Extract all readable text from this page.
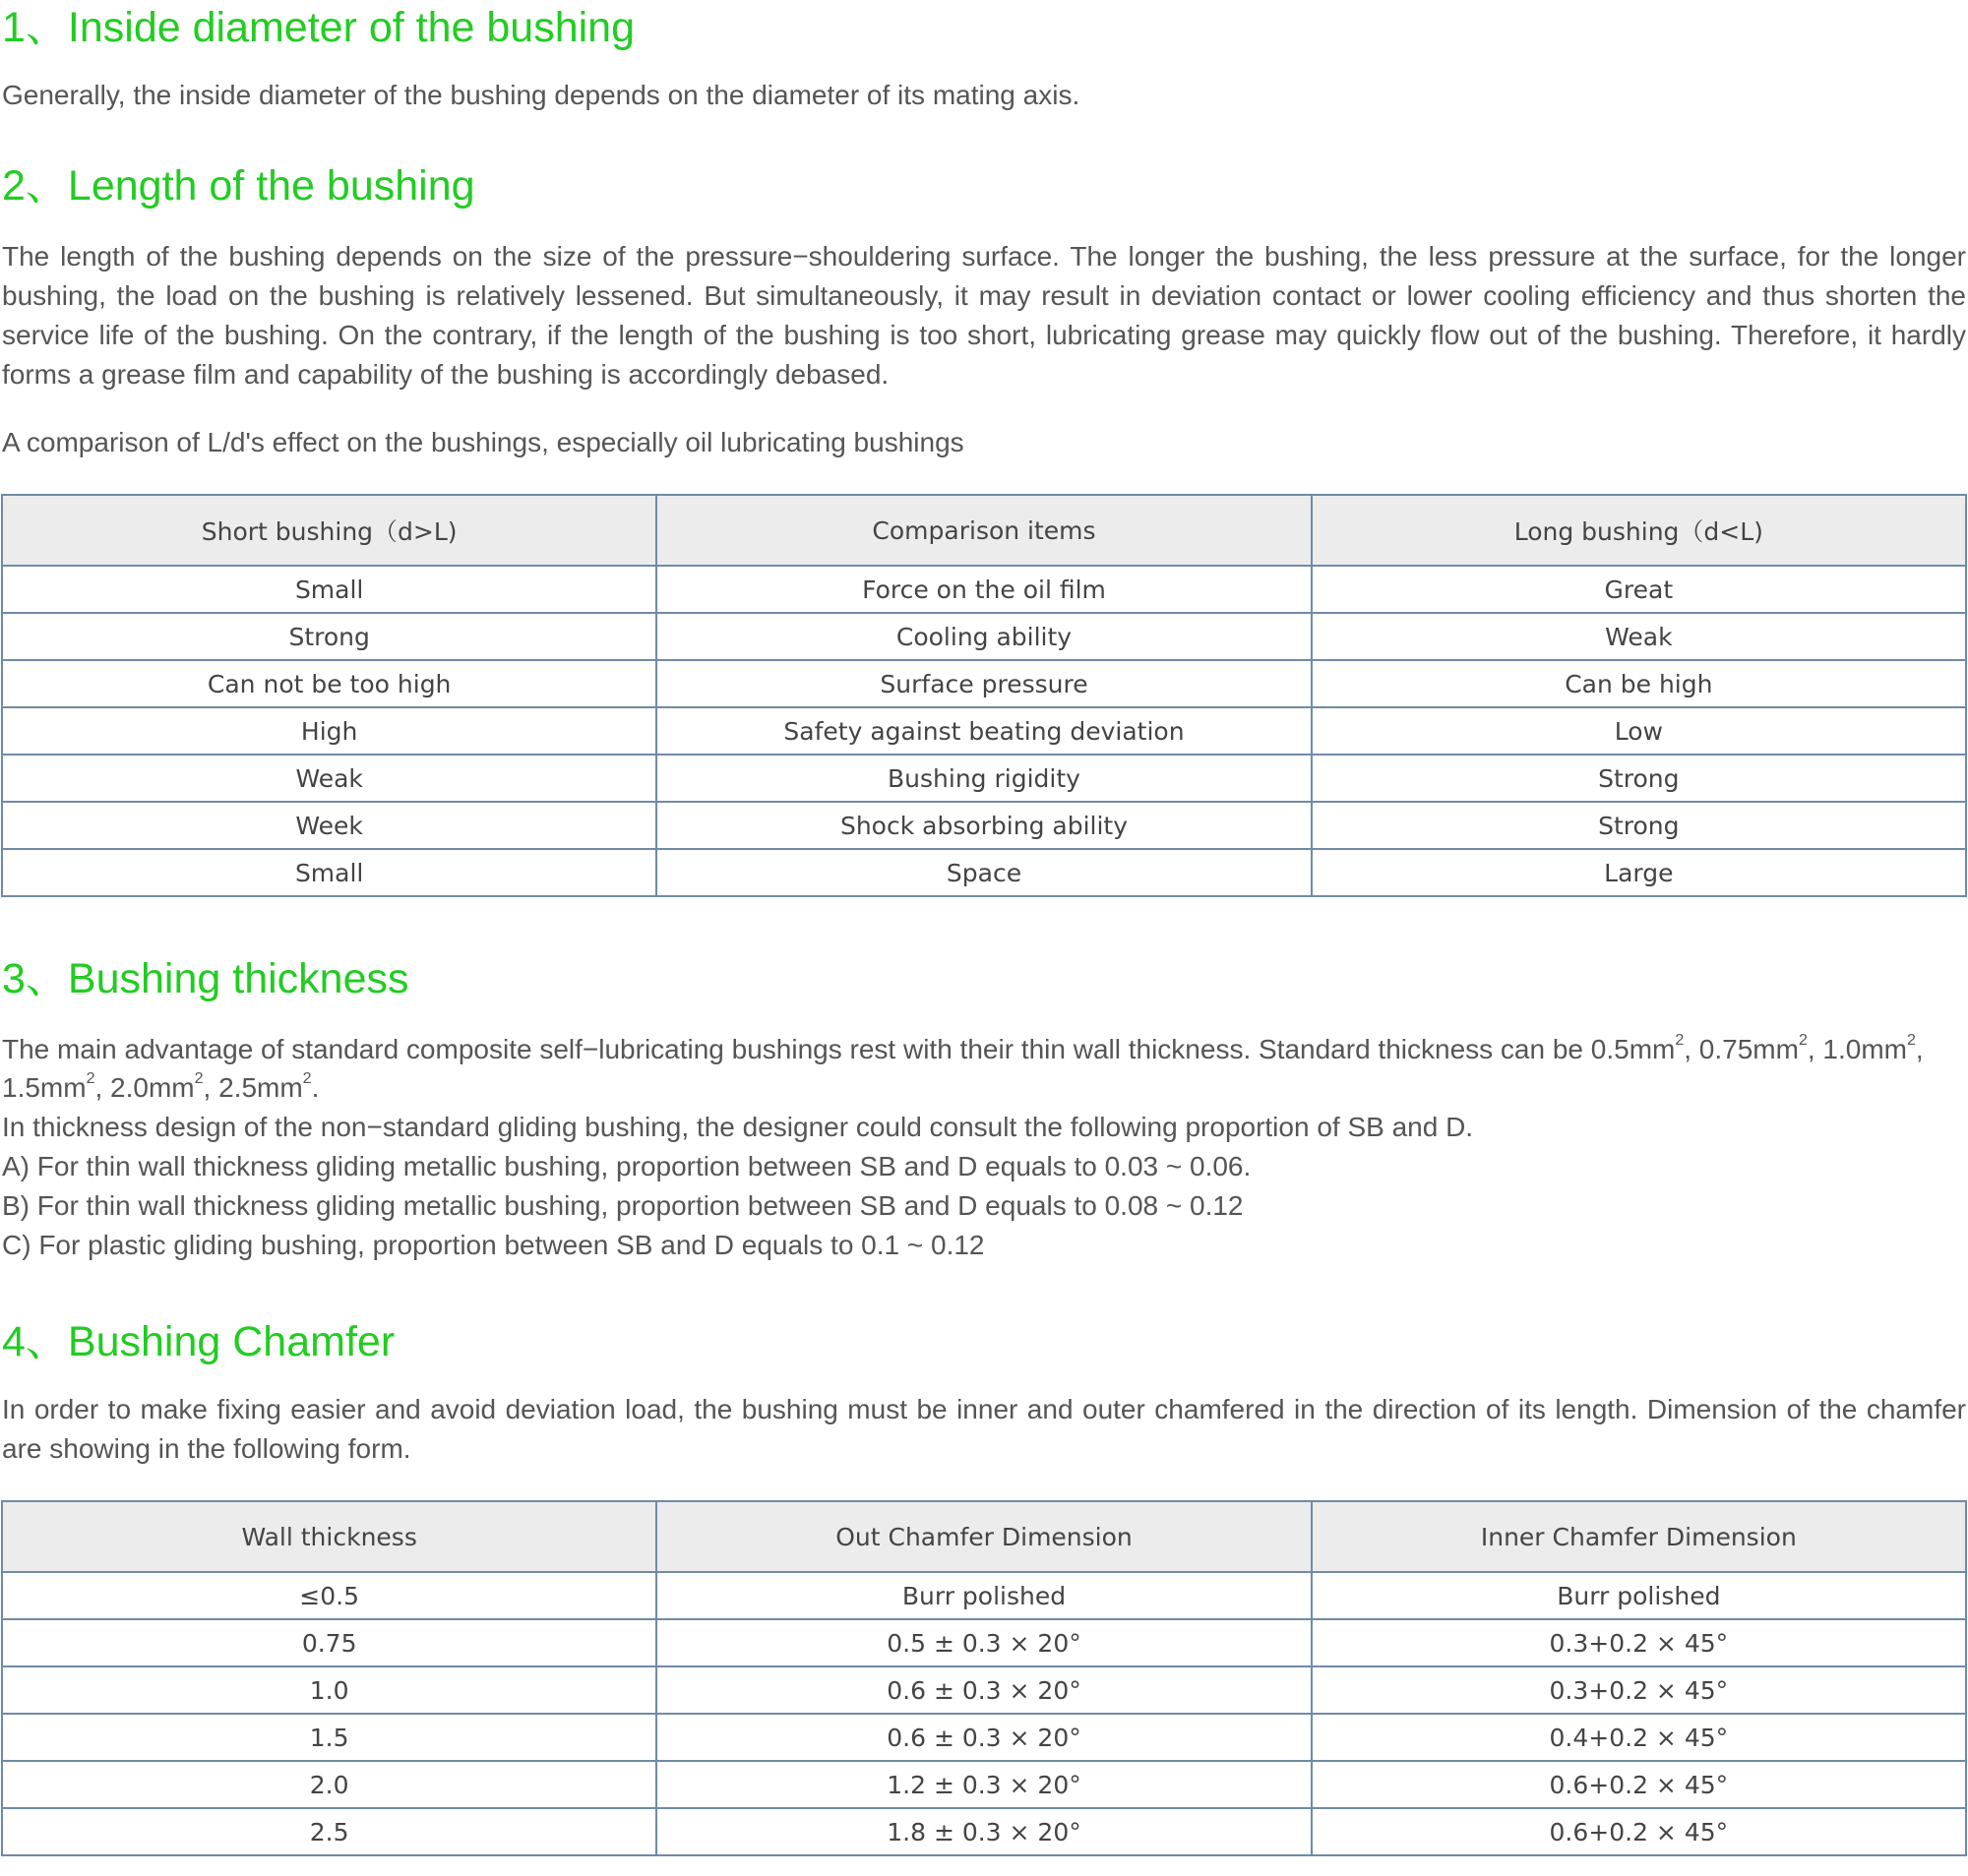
1、Inside diameter of the bushing

Generally, the inside diameter of the bushing depends on the diameter of its mating axis.

2、Length of the bushing

The length of the bushing depends on the size of the pressure−shouldering surface. The longer the bushing, the less pressure at the surface, for the longer bushing, the load on the bushing is relatively lessened. But simultaneously, it may result in deviation contact or lower cooling efficiency and thus shorten the service life of the bushing. On the contrary, if the length of the bushing is too short, lubricating grease may quickly flow out of the bushing. Therefore, it hardly forms a grease film and capability of the bushing is accordingly debased.

A comparison of L/d's effect on the bushings, especially oil lubricating bushings

Short bushing（d>L)	Comparison items	Long bushing（d<L)
Small	Force on the oil film	Great
Strong	Cooling ability	Weak
Can not be too high	Surface pressure	Can be high
High	Safety against beating deviation	Low
Weak	Bushing rigidity	Strong
Week	Shock absorbing ability	Strong
Small	Space	Large
3、Bushing thickness
The main advantage of standard composite self−lubricating bushings rest with their thin wall thickness. Standard thickness can be $0.5mm^2$, $0.75mm^2$, $1.0mm^2$,
$1.5mm^2$, $2.0mm^2$, $2.5mm^2$.
In thickness design of the non−standard gliding bushing, the designer could consult the following proportion of SB and D.
A) For thin wall thickness gliding metallic bushing, proportion between SB and D equals to 0.03 ~ 0.06.
B) For thin wall thickness gliding metallic bushing, proportion between SB and D equals to 0.08 ~ 0.12
C) For plastic gliding bushing, proportion between SB and D equals to 0.1 ~ 0.12
4、Bushing Chamfer

In order to make fixing easier and avoid deviation load, the bushing must be inner and outer chamfered in the direction of its length. Dimension of the chamfer are showing in the following form.

Wall thickness	Out Chamfer Dimension	Inner Chamfer Dimension
≤0.5	Burr polished	Burr polished
0.75	0.5 ± 0.3 × 20°	0.3+0.2 × 45°
1.0	0.6 ± 0.3 × 20°	0.3+0.2 × 45°
1.5	0.6 ± 0.3 × 20°	0.4+0.2 × 45°
2.0	1.2 ± 0.3 × 20°	0.6+0.2 × 45°
2.5	1.8 ± 0.3 × 20°	0.6+0.2 × 45°
